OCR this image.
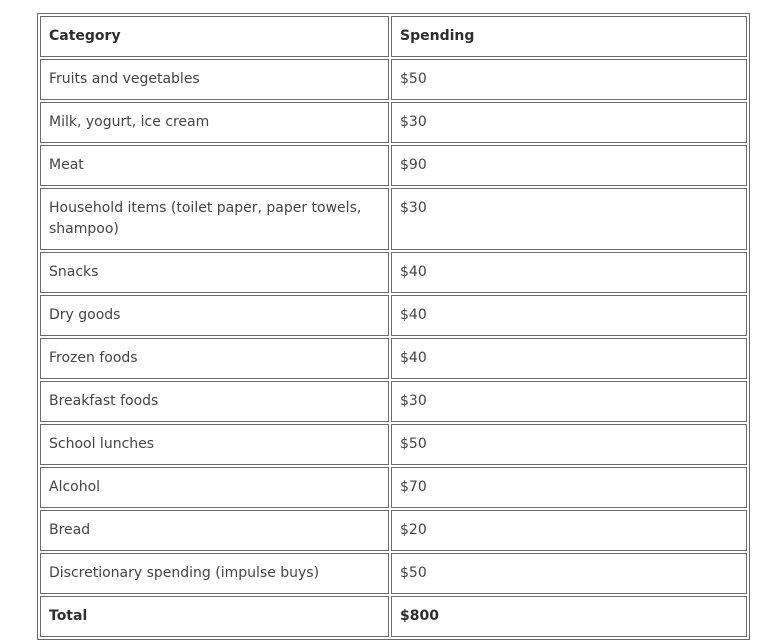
Category	Spending
Fruits and vegetables	$50
Milk, yogurt, ice cream	$30
Meat	$90
Household items (toilet paper, paper towels, shampoo)	$30
Snacks	$40
Dry goods	$40
Frozen foods	$40
Breakfast foods	$30
School lunches	$50
Alcohol	$70
Bread	$20
Discretionary spending (impulse buys)	$50
Total	$800
